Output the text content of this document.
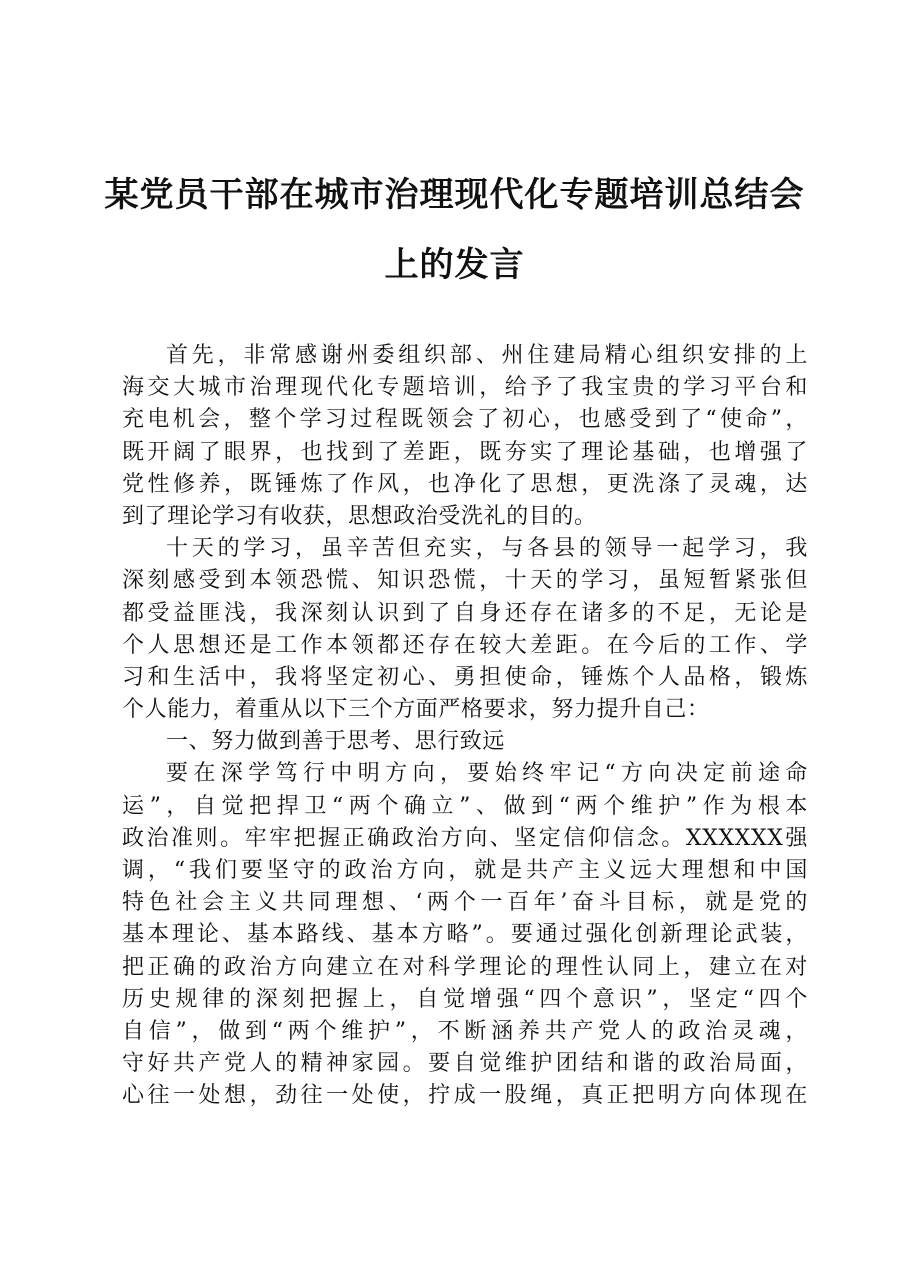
某党员干部在城市治理现代化专题培训总结会
上的发言
首先，非常感谢州委组织部、州住建局精心组织安排的上
海交大城市治理现代化专题培训，给予了我宝贵的学习平台和
充电机会，整个学习过程既领会了初心，也感受到了“使命”，
既开阔了眼界，也找到了差距，既夯实了理论基础，也增强了
党性修养，既锤炼了作风，也净化了思想，更洗涤了灵魂，达
到了理论学习有收获，思想政治受洗礼的目的。
十天的学习，虽辛苦但充实，与各县的领导一起学习，我
深刻感受到本领恐慌、知识恐慌，十天的学习，虽短暂紧张但
都受益匪浅，我深刻认识到了自身还存在诸多的不足，无论是
个人思想还是工作本领都还存在较大差距。在今后的工作、学
习和生活中，我将坚定初心、勇担使命，锤炼个人品格，锻炼
个人能力，着重从以下三个方面严格要求，努力提升自己：
一、努力做到善于思考、思行致远
要在深学笃行中明方向，要始终牢记“方向决定前途命
运”，自觉把捍卫“两个确立”、做到“两个维护”作为根本
政治准则。牢牢把握正确政治方向、坚定信仰信念。XXXXXX强
调，“我们要坚守的政治方向，就是共产主义远大理想和中国
特色社会主义共同理想、‘两个一百年’奋斗目标，就是党的
基本理论、基本路线、基本方略”。要通过强化创新理论武装，
把正确的政治方向建立在对科学理论的理性认同上，建立在对
历史规律的深刻把握上，自觉增强“四个意识”，坚定“四个
自信”，做到“两个维护”，不断涵养共产党人的政治灵魂，
守好共产党人的精神家园。要自觉维护团结和谐的政治局面，
心往一处想，劲往一处使，拧成一股绳，真正把明方向体现在
